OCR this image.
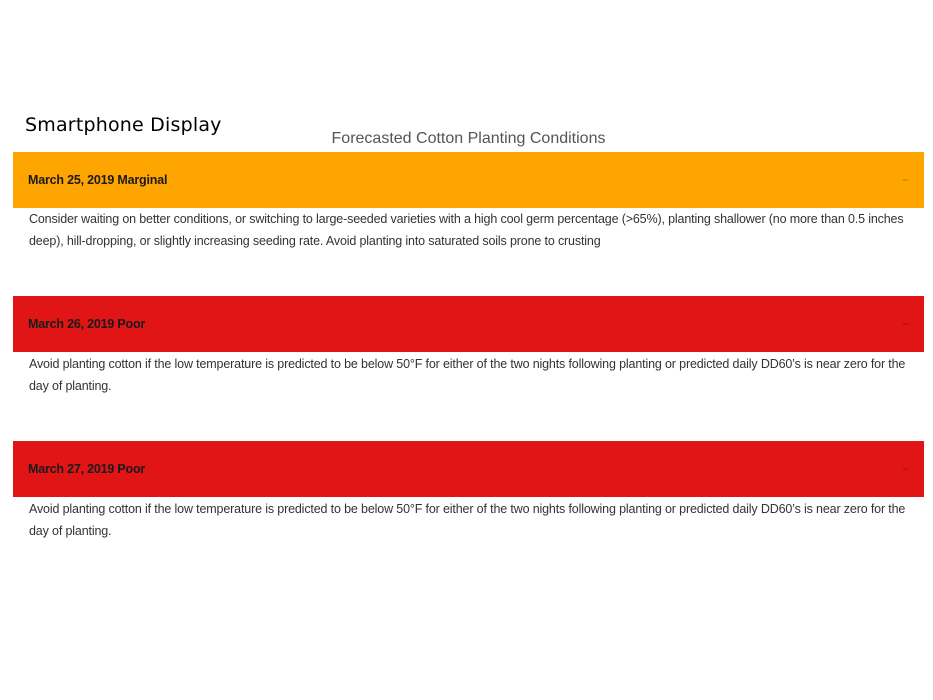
Smartphone Display
Forecasted Cotton Planting Conditions
March 25, 2019 Marginal	−
Consider waiting on better conditions, or switching to large-seeded varieties with a high cool germ percentage (>65%), planting shallower (no more than 0.5 inches deep), hill-dropping, or slightly increasing seeding rate. Avoid planting into saturated soils prone to crusting
March 26, 2019 Poor	−
Avoid planting cotton if the low temperature is predicted to be below 50°F for either of the two nights following planting or predicted daily DD60’s is near zero for the day of planting.
March 27, 2019 Poor	−
Avoid planting cotton if the low temperature is predicted to be below 50°F for either of the two nights following planting or predicted daily DD60’s is near zero for the day of planting.
